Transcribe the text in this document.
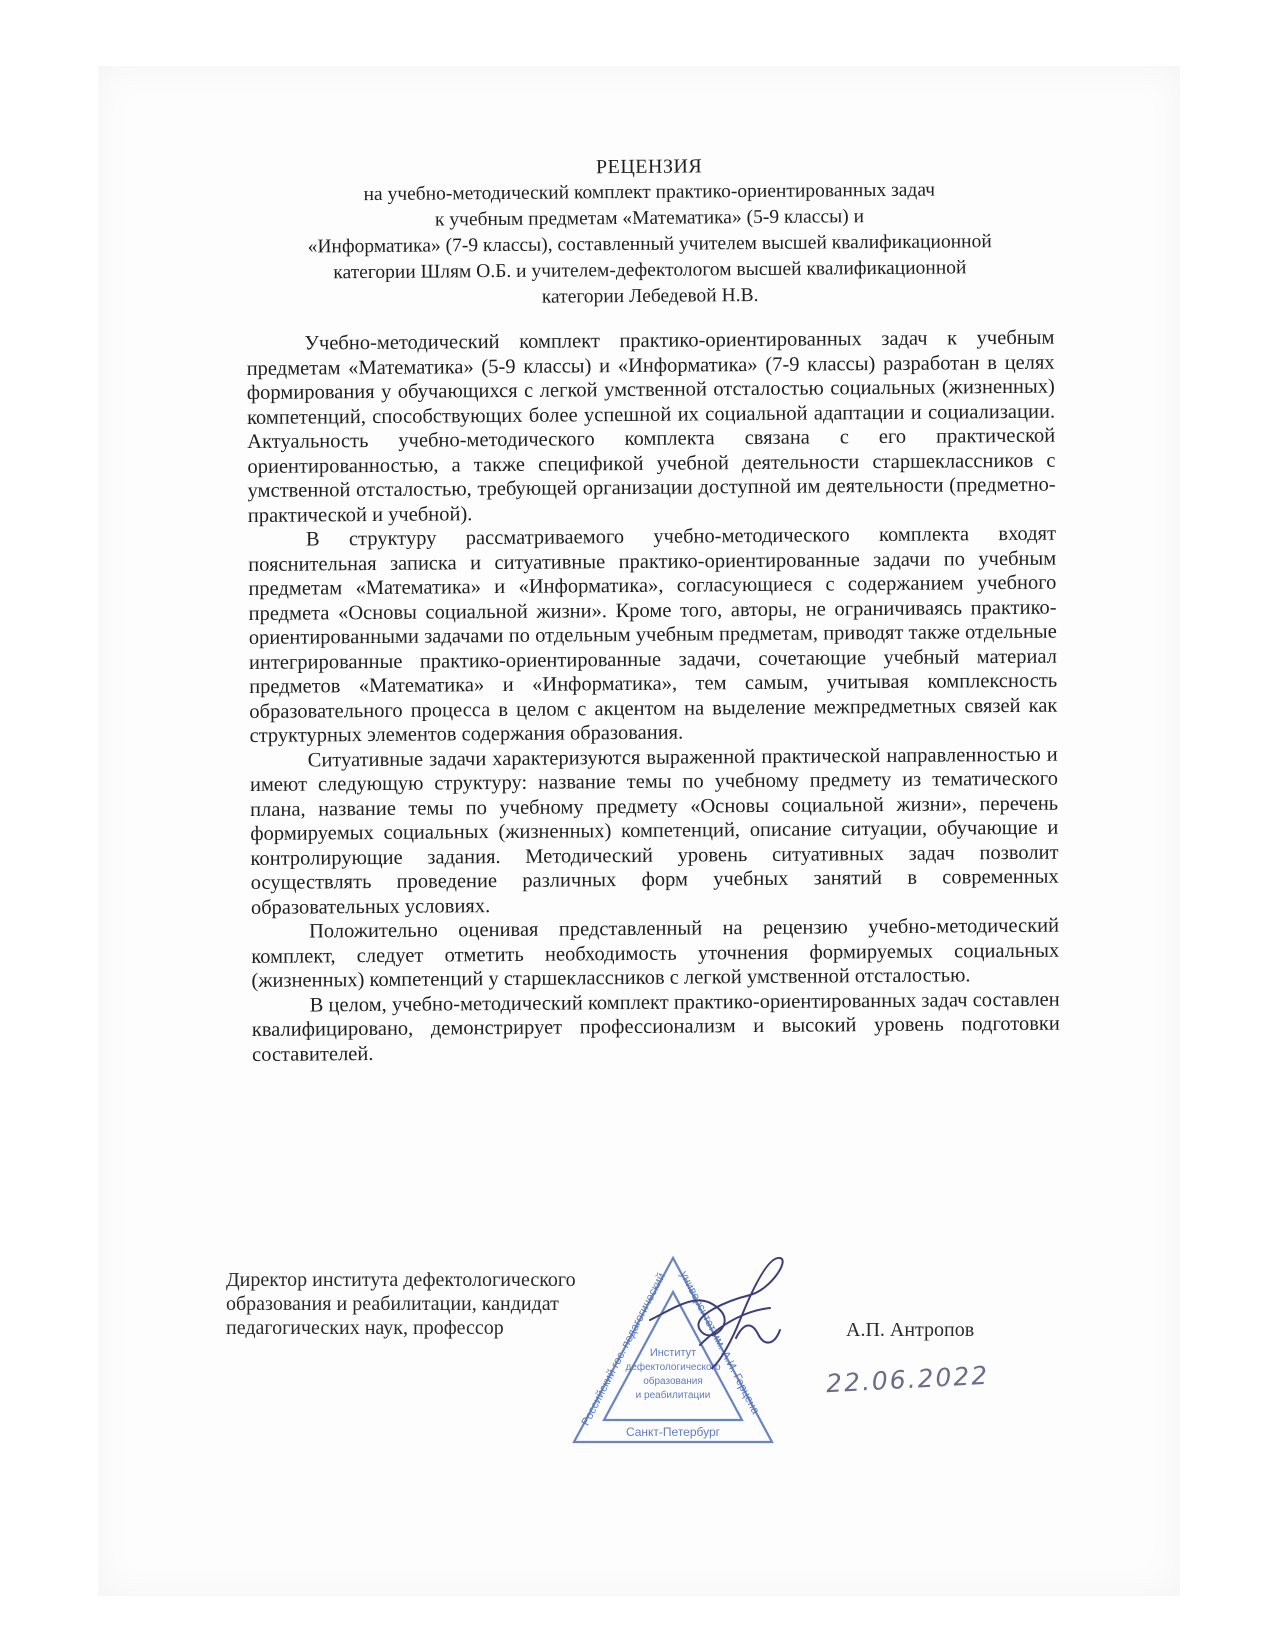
РЕЦЕНЗИЯ
на учебно-методический комплект практико-ориентированных задач
к учебным предметам «Математика» (5-9 классы) и
«Информатика» (7-9 классы), составленный учителем высшей квалификационной
категории Шлям О.Б. и учителем-дефектологом высшей квалификационной
категории Лебедевой Н.В.

Учебно-методический комплект практико-ориентированных задач к учебным предметам «Математика» (5-9 классы) и «Информатика» (7-9 классы) разработан в целях формирования у обучающихся с легкой умственной отсталостью социальных (жизненных) компетенций, способствующих более успешной их социальной адаптации и социализации. Актуальность учебно-методического комплекта связана с его практической ориентированностью, а также спецификой учебной деятельности старшеклассников с умственной отсталостью, требующей организации доступной им деятельности (предметно-практической и учебной).

В структуру рассматриваемого учебно-методического комплекта входят пояснительная записка и ситуативные практико-ориентированные задачи по учебным предметам «Математика» и «Информатика», согласующиеся с содержанием учебного предмета «Основы социальной жизни». Кроме того, авторы, не ограничиваясь практико-ориентированными задачами по отдельным учебным предметам, приводят также отдельные интегрированные практико-ориентированные задачи, сочетающие учебный материал предметов «Математика» и «Информатика», тем самым, учитывая комплексность образовательного процесса в целом с акцентом на выделение межпредметных связей как структурных элементов содержания образования.

Ситуативные задачи характеризуются выраженной практической направленностью и имеют следующую структуру: название темы по учебному предмету из тематического плана, название темы по учебному предмету «Основы социальной жизни», перечень формируемых социальных (жизненных) компетенций, описание ситуации, обучающие и контролирующие задания. Методический уровень ситуативных задач позволит осуществлять проведение различных форм учебных занятий в современных образовательных условиях.

Положительно оценивая представленный на рецензию учебно-методический комплект, следует отметить необходимость уточнения формируемых социальных (жизненных) компетенций у старшеклассников с легкой умственной отсталостью.

В целом, учебно-методический комплект практико-ориентированных задач составлен квалифицировано, демонстрирует профессионализм и высокий уровень подготовки составителей.

Директор института дефектологического
образования и реабилитации, кандидат
педагогических наук, профессор	А.П. Антропов
22.06.2022
Российский гос. педагогический университет им. А.И. Герцена
Институт
дефектологического
образования
и реабилитации
Санкт-Петербург
